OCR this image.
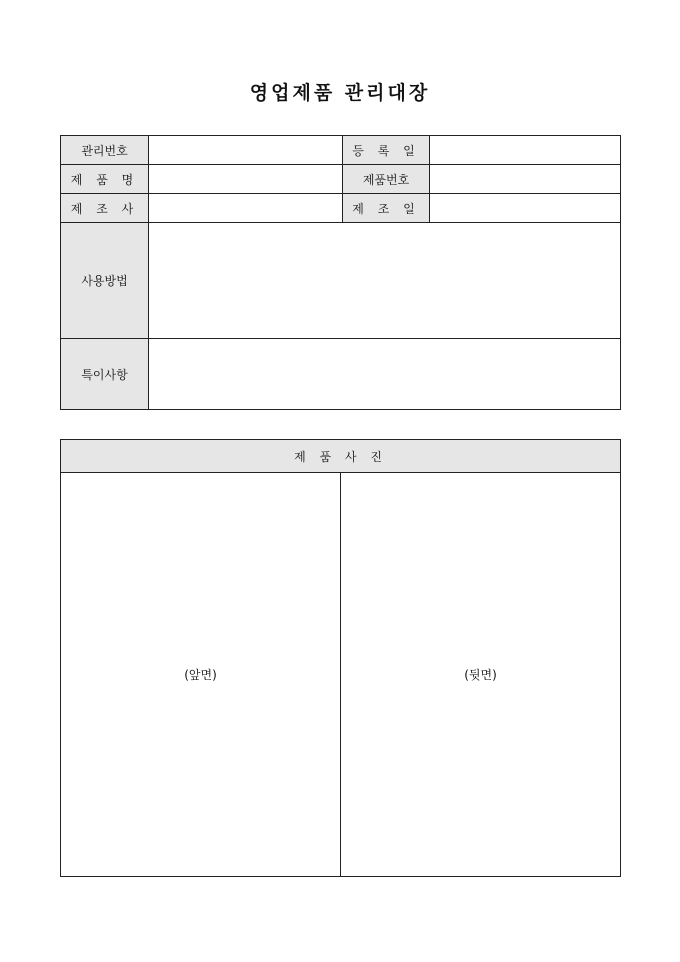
영업제품 관리대장
관리번호		등 록 일	
제 품 명		제품번호	
제 조 사		제 조 일	
사용방법			
특이사항			
제 품 사 진
(앞면)	(뒷면)
